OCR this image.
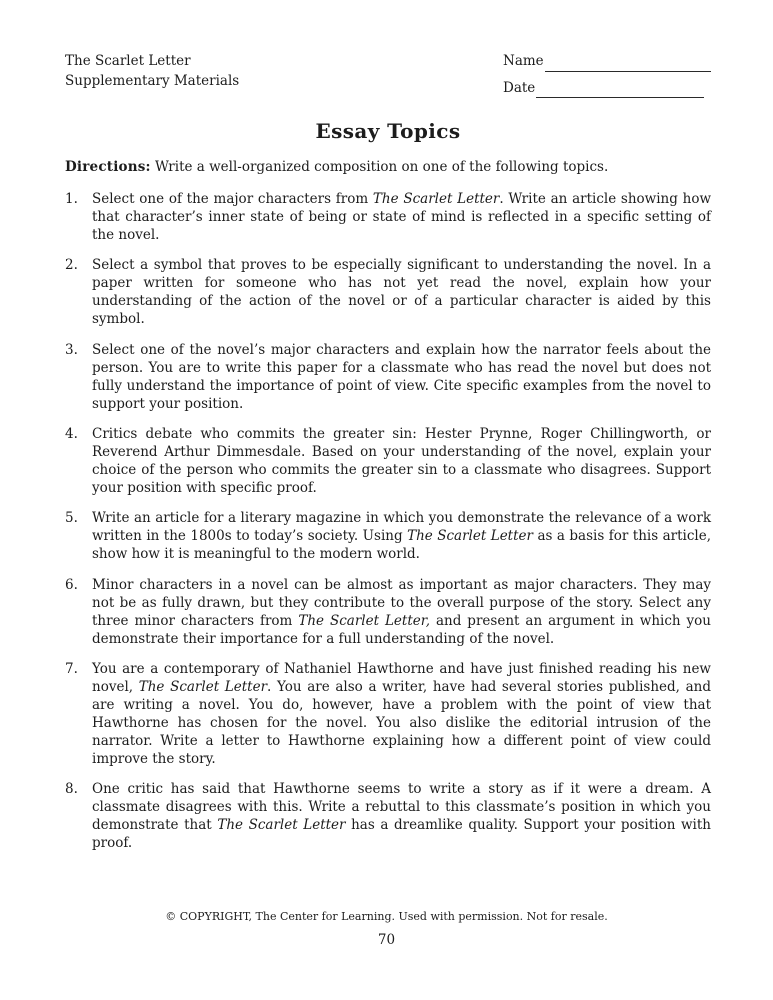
The Scarlet Letter
Supplementary Materials
Name
Date
Essay Topics
Directions: Write a well-organized composition on one of the following topics.
1.	Select one of the major characters from The Scarlet Letter. Write an article showing how that character’s inner state of being or state of mind is reflected in a specific setting of the novel.
2.	Select a symbol that proves to be especially significant to understanding the novel. In a paper written for someone who has not yet read the novel, explain how your understanding of the action of the novel or of a particular character is aided by this symbol.
3.	Select one of the novel’s major characters and explain how the narrator feels about the person. You are to write this paper for a classmate who has read the novel but does not fully understand the importance of point of view. Cite specific examples from the novel to support your position.
4.	Critics debate who commits the greater sin: Hester Prynne, Roger Chillingworth, or Reverend Arthur Dimmesdale. Based on your understanding of the novel, explain your choice of the person who commits the greater sin to a classmate who disagrees. Support your position with specific proof.
5.	Write an article for a literary magazine in which you demonstrate the relevance of a work written in the 1800s to today’s society. Using The Scarlet Letter as a basis for this article, show how it is meaningful to the modern world.
6.	Minor characters in a novel can be almost as important as major characters. They may not be as fully drawn, but they contribute to the overall purpose of the story. Select any three minor characters from The Scarlet Letter, and present an argument in which you demonstrate their importance for a full understanding of the novel.
7.	You are a contemporary of Nathaniel Hawthorne and have just finished reading his new novel, The Scarlet Letter. You are also a writer, have had several stories published, and are writing a novel. You do, however, have a problem with the point of view that Hawthorne has chosen for the novel. You also dislike the editorial intrusion of the narrator. Write a letter to Hawthorne explaining how a different point of view could improve the story.
8.	One critic has said that Hawthorne seems to write a story as if it were a dream. A classmate disagrees with this. Write a rebuttal to this classmate’s position in which you demonstrate that The Scarlet Letter has a dreamlike quality. Support your position with proof.
© COPYRIGHT, The Center for Learning. Used with permission. Not for resale.
70
